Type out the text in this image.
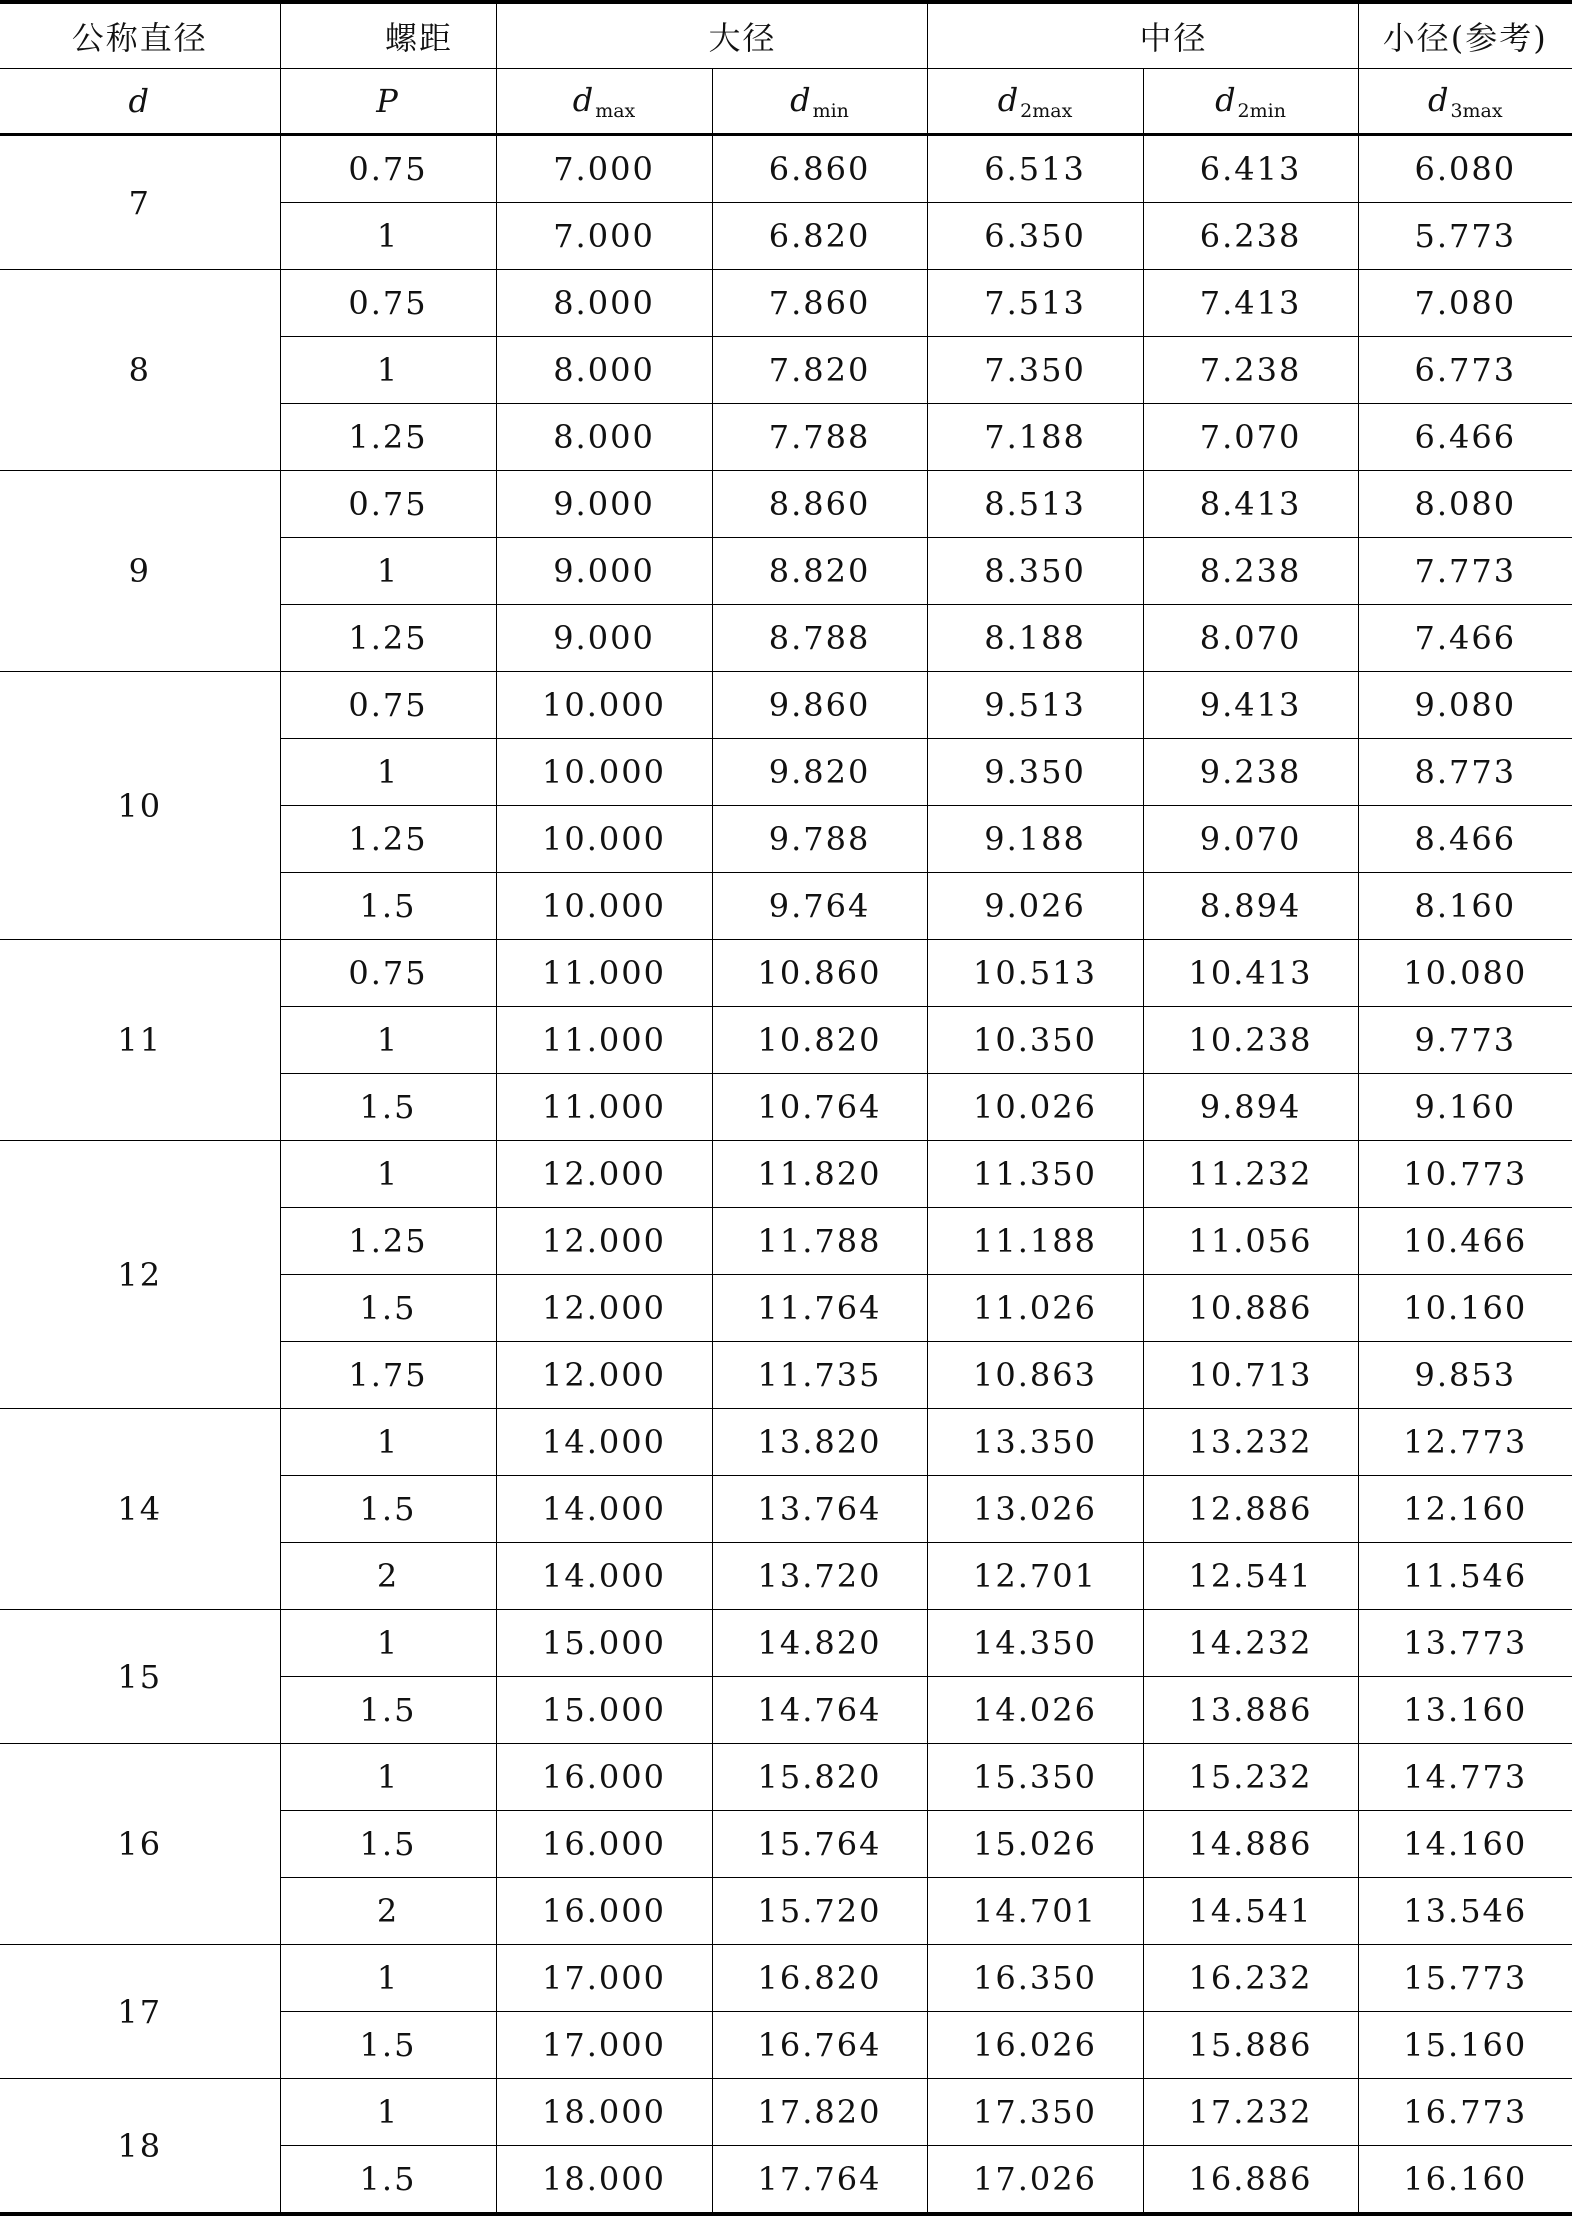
公称直径	螺距	大径		中径		小径(参考)
d	P	$d_{max}$	$d_{min}$	$d_{2max}$	$d_{2min}$	$d_{3max}$
7	0.75	7.000	6.860	6.513	6.413	6.080
	1	7.000	6.820	6.350	6.238	5.773
8	0.75	8.000	7.860	7.513	7.413	7.080
	1	8.000	7.820	7.350	7.238	6.773
	1.25	8.000	7.788	7.188	7.070	6.466
9	0.75	9.000	8.860	8.513	8.413	8.080
	1	9.000	8.820	8.350	8.238	7.773
	1.25	9.000	8.788	8.188	8.070	7.466
10	0.75	10.000	9.860	9.513	9.413	9.080
	1	10.000	9.820	9.350	9.238	8.773
	1.25	10.000	9.788	9.188	9.070	8.466
	1.5	10.000	9.764	9.026	8.894	8.160
11	0.75	11.000	10.860	10.513	10.413	10.080
	1	11.000	10.820	10.350	10.238	9.773
	1.5	11.000	10.764	10.026	9.894	9.160
12	1	12.000	11.820	11.350	11.232	10.773
	1.25	12.000	11.788	11.188	11.056	10.466
	1.5	12.000	11.764	11.026	10.886	10.160
	1.75	12.000	11.735	10.863	10.713	9.853
14	1	14.000	13.820	13.350	13.232	12.773
	1.5	14.000	13.764	13.026	12.886	12.160
	2	14.000	13.720	12.701	12.541	11.546
15	1	15.000	14.820	14.350	14.232	13.773
	1.5	15.000	14.764	14.026	13.886	13.160
16	1	16.000	15.820	15.350	15.232	14.773
	1.5	16.000	15.764	15.026	14.886	14.160
	2	16.000	15.720	14.701	14.541	13.546
17	1	17.000	16.820	16.350	16.232	15.773
	1.5	17.000	16.764	16.026	15.886	15.160
18	1	18.000	17.820	17.350	17.232	16.773
	1.5	18.000	17.764	17.026	16.886	16.160
